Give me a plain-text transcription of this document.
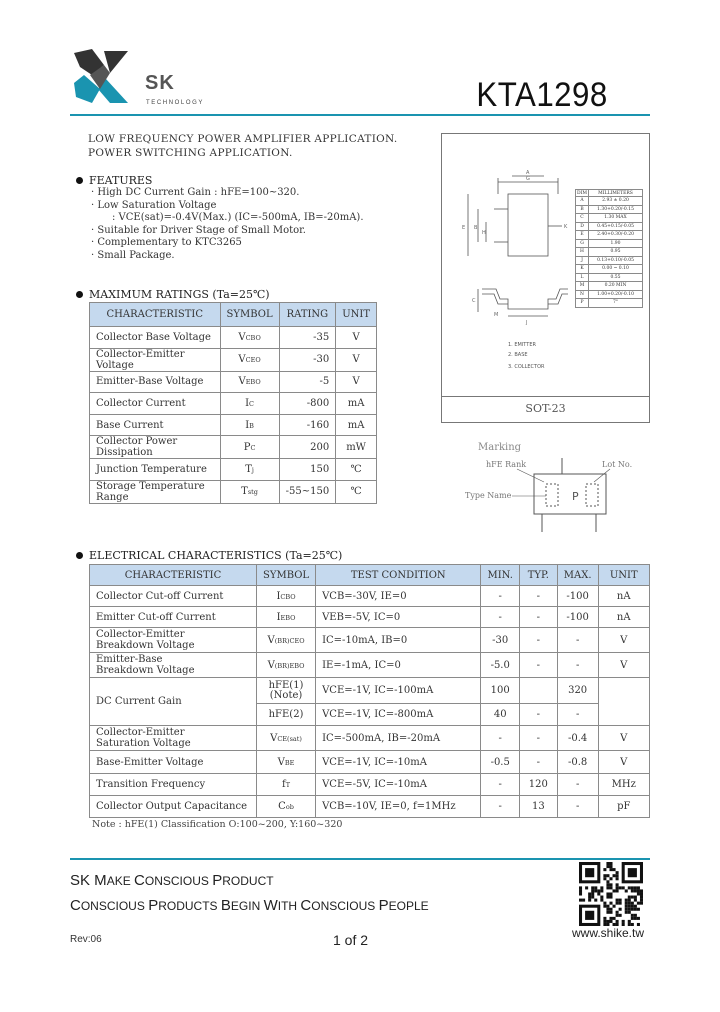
SK
TECHNOLOGY	KTA1298
LOW FREQUENCY POWER AMPLIFIER APPLICATION.
POWER SWITCHING APPLICATION.
FEATURES
· High DC Current Gain : hFE=100~320.
· Low Saturation Voltage
: VCE(sat)=-0.4V(Max.) (IC=-500mA, IB=-20mA).
· Suitable for Driver Stage of Small Motor.
· Complementary to KTC3265
· Small Package.
MAXIMUM RATINGS (Ta=25℃)
CHARACTERISTIC	SYMBOL	RATING	UNIT
Collector Base Voltage	VCBO	-35	V
Collector-Emitter Voltage	VCEO	-30	V
Emitter-Base Voltage	VEBO	-5	V
Collector Current	IC	-800	mA
Base Current	IB	-160	mA
Collector Power Dissipation	PC	200	mW
Junction Temperature	Tj	150	℃
Storage Temperature Range	Tstg	-55~150	℃
A
G
E B
H
K
C
J
M
1. EMITTER
2. BASE
3. COLLECTOR
DIM	MILLIMETERS
A	2.93 ± 0.20
B	1.30+0.20/-0.15
C	1.30 MAX
D	0.45+0.15/-0.05
E	2.40+0.30/-0.20
G	1.90
H	0.95
J	0.13+0.10/-0.05
K	0.00 ~ 0.10
L	0.55
M	0.20 MIN
N	1.00+0.20/-0.10
P	7°
SOT-23
Marking
P
hFE Rank	Lot No.
Type Name
ELECTRICAL CHARACTERISTICS (Ta=25℃)
CHARACTERISTIC	SYMBOL	TEST CONDITION	MIN.	TYP.	MAX.	UNIT
Collector Cut-off Current	ICBO	VCB=-30V, IE=0	-	-	-100	nA
Emitter Cut-off Current	IEBO	VEB=-5V, IC=0	-	-	-100	nA
Collector-Emitter
Breakdown Voltage	V(BR)CEO	IC=-10mA, IB=0	-30	-	-	V
Emitter-Base
Breakdown Voltage	V(BR)EBO	IE=-1mA, IC=0	-5.0	-	-	V
DC Current Gain	hFE(1)
(Note)	VCE=-1V, IC=-100mA	100		320	
	hFE(2)	VCE=-1V, IC=-800mA	40	-	-	
Collector-Emitter
Saturation Voltage	VCE(sat)	IC=-500mA, IB=-20mA	-	-	-0.4	V
Base-Emitter Voltage	VBE	VCE=-1V, IC=-10mA	-0.5	-	-0.8	V
Transition Frequency	fT	VCE=-5V, IC=-10mA	-	120	-	MHz
Collector Output Capacitance	Cob	VCB=-10V, IE=0, f=1MHz	-	13	-	pF
Note : hFE(1) Classification O:100~200, Y:160~320
SK MAKE CONSCIOUS PRODUCT
CONSCIOUS PRODUCTS BEGIN WITH CONSCIOUS PEOPLE
www.shike.tw
Rev:06	1 of 2
